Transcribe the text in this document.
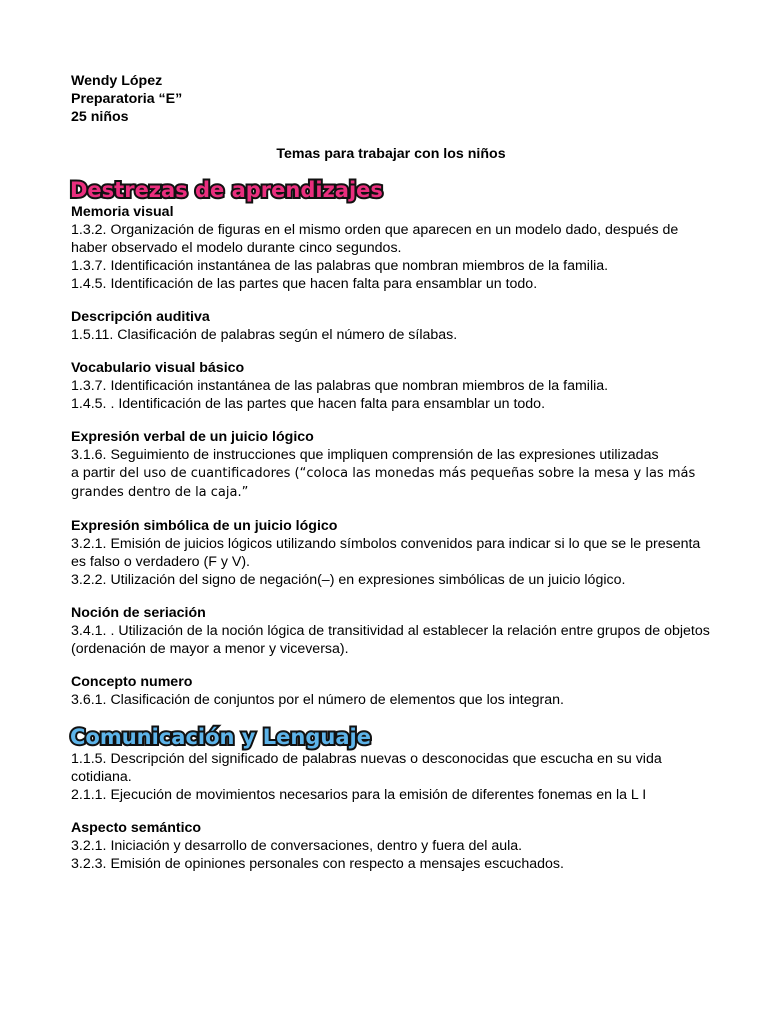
Wendy López
Preparatoria “E”
25 niños
Temas para trabajar con los niños
Destrezas de aprendizajes
Memoria visual
1.3.2. Organización de figuras en el mismo orden que aparecen en un modelo dado, después de haber observado el modelo durante cinco segundos.
1.3.7. Identificación instantánea de las palabras que nombran miembros de la familia.
1.4.5. Identificación de las partes que hacen falta para ensamblar un todo.
Descripción auditiva
1.5.11. Clasificación de palabras según el número de sílabas.
Vocabulario visual básico
1.3.7. Identificación instantánea de las palabras que nombran miembros de la familia.
1.4.5. . Identificación de las partes que hacen falta para ensamblar un todo.
Expresión verbal de un juicio lógico
3.1.6. Seguimiento de instrucciones que impliquen comprensión de las expresiones utilizadas
a partir del uso de cuantificadores (“coloca las monedas más pequeñas sobre la mesa y las más grandes dentro de la caja.”
Expresión simbólica de un juicio lógico
3.2.1. Emisión de juicios lógicos utilizando símbolos convenidos para indicar si lo que se le presenta es falso o verdadero (F y V).
3.2.2. Utilización del signo de negación(–) en expresiones simbólicas de un juicio lógico.
Noción de seriación
3.4.1. . Utilización de la noción lógica de transitividad al establecer la relación entre grupos de objetos (ordenación de mayor a menor y viceversa).
Concepto numero
3.6.1. Clasificación de conjuntos por el número de elementos que los integran.
Comunicación y Lenguaje
1.1.5. Descripción del significado de palabras nuevas o desconocidas que escucha en su vida cotidiana.
2.1.1. Ejecución de movimientos necesarios para la emisión de diferentes fonemas en la L I
Aspecto semántico
3.2.1. Iniciación y desarrollo de conversaciones, dentro y fuera del aula.
3.2.3. Emisión de opiniones personales con respecto a mensajes escuchados.
